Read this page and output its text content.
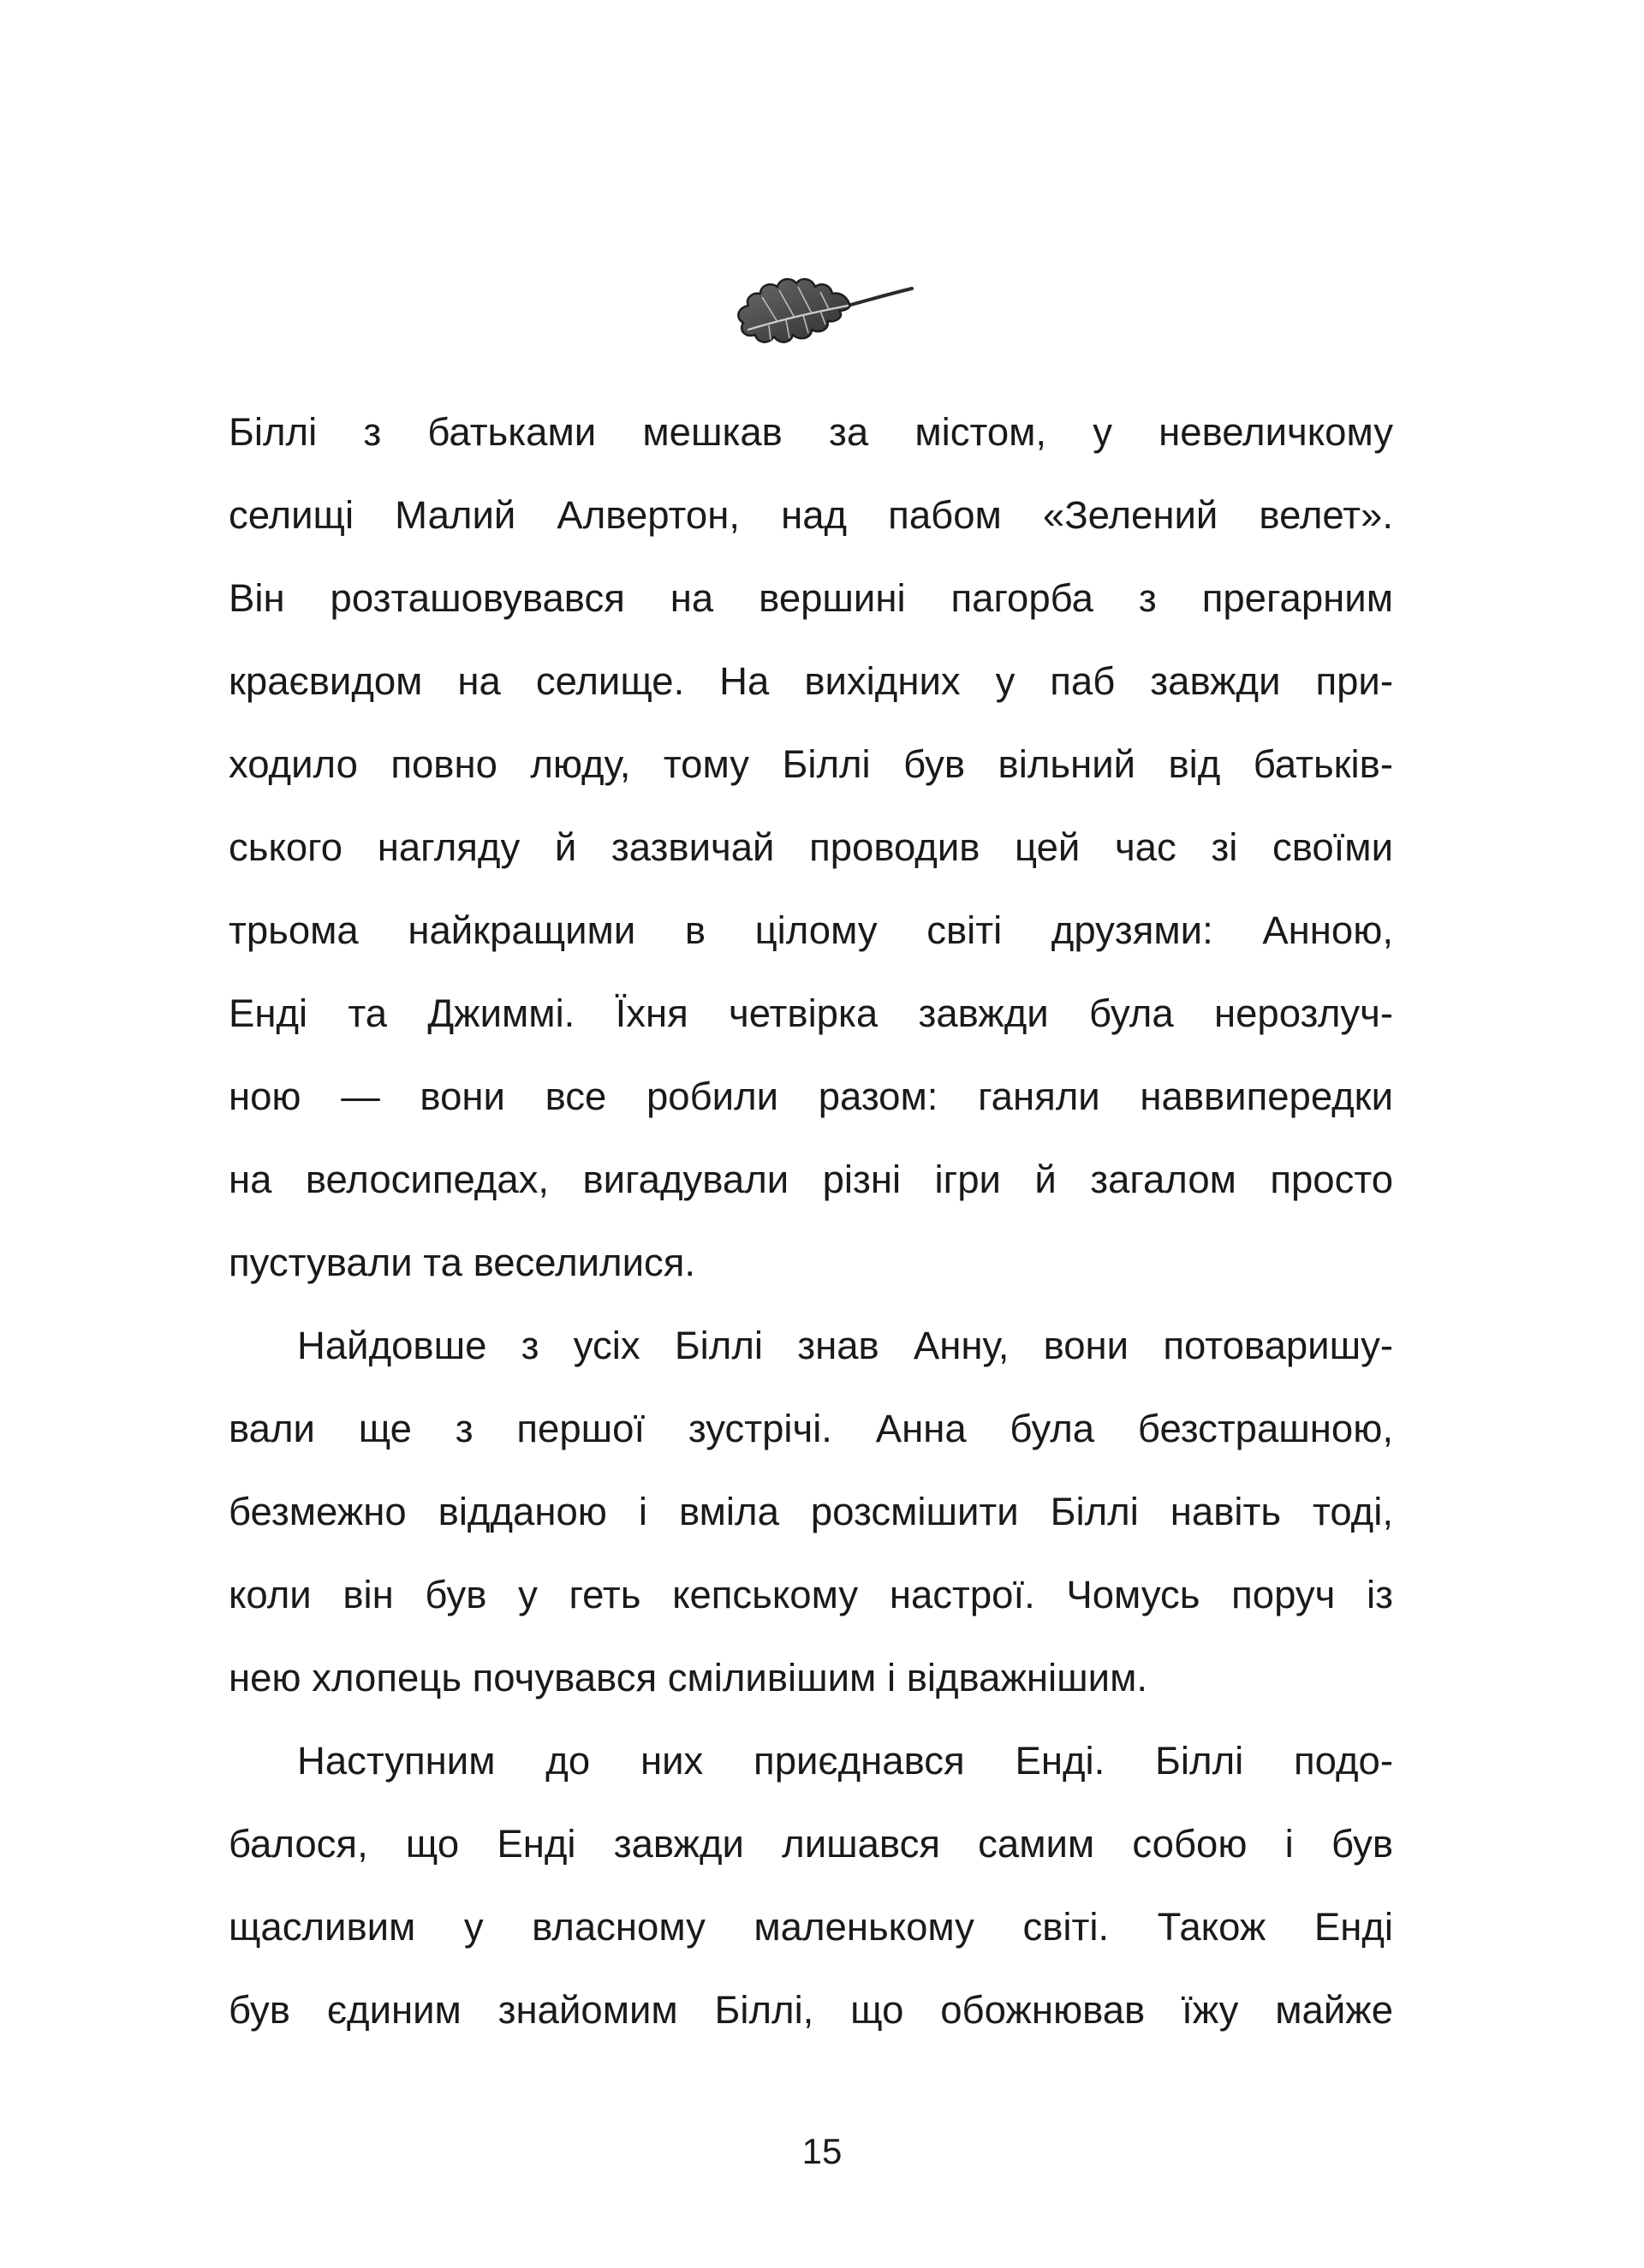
Біллі з батьками мешкав за містом, у невеличкому
селищі Малий Алвертон, над пабом «Зелений велет».
Він розташовувався на вершині пагорба з прегарним
краєвидом на селище. На вихідних у паб завжди при-
ходило повно люду, тому Біллі був вільний від батьків-
ського нагляду й зазвичай проводив цей час зі своїми
трьома найкращими в цілому світі друзями: Анною,
Енді та Джиммі. Їхня четвірка завжди була нерозлуч-
ною — вони все робили разом: ганяли наввипередки
на велосипедах, вигадували різні ігри й загалом просто
пустували та веселилися.
Найдовше з усіх Біллі знав Анну, вони потоваришу-
вали ще з першої зустрічі. Анна була безстрашною,
безмежно відданою і вміла розсмішити Біллі навіть тоді,
коли він був у геть кепському настрої. Чомусь поруч із
нею хлопець почувався сміливішим і відважнішим.
Наступним до них приєднався Енді. Біллі подо-
балося, що Енді завжди лишався самим собою і був
щасливим у власному маленькому світі. Також Енді
був єдиним знайомим Біллі, що обожнював їжу майже
15
